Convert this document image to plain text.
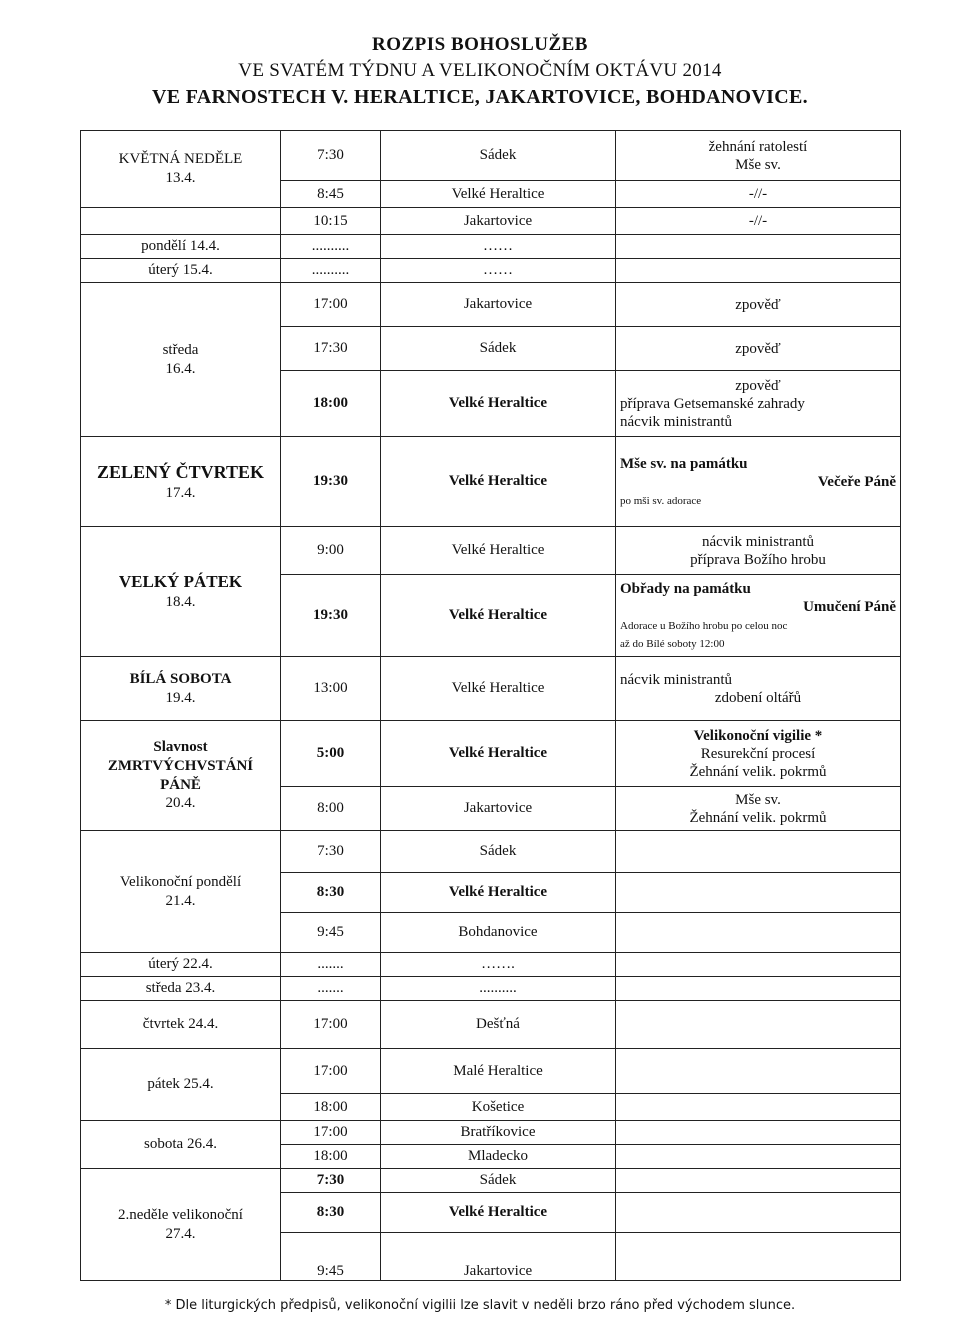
ROZPIS BOHOSLUŽEB
VE SVATÉM TÝDNU A VELIKONOČNÍM OKTÁVU 2014
VE FARNOSTECH V. HERALTICE, JAKARTOVICE, BOHDANOVICE.
KVĚTNÁ NEDĚLE
13.4.	7:30	Sádek	žehnání ratolestí
Mše sv.

	8:45	Velké Heraltice	-//-

	10:15	Jakartovice	-//-

pondělí 14.4.	..........	……	
úterý 15.4.	..........	……	
středa
16.4.	17:00	Jakartovice	zpověď

	17:30	Sádek	zpověď

	18:00	Velké Heraltice	zpověď
příprava Getsemanské zahrady
nácvik ministrantů
ZELENÝ ČTVRTEK
17.4.	19:30	Velké Heraltice	Mše sv. na památku
Večeře Páně
po mši sv. adorace
VELKÝ PÁTEK
18.4.	9:00	Velké Heraltice	nácvik ministrantů
příprava Božího hrobu

	19:30	Velké Heraltice	Obřady na památku
Umučení Páně
Adorace u Božího hrobu po celou noc
až do Bílé soboty 12:00
BÍLÁ SOBOTA
19.4.	13:00	Velké Heraltice	nácvik ministrantů
zdobení oltářů

Slavnost
ZMRTVÝCHVSTÁNÍ
PÁNĚ
20.4.	5:00	Velké Heraltice	Velikonoční vigilie *
Resurekční procesí
Žehnání velik. pokrmů

	8:00	Jakartovice	Mše sv.
Žehnání velik. pokrmů

Velikonoční pondělí
21.4.	7:30	Sádek	
	8:30	Velké Heraltice	
	9:45	Bohdanovice	
úterý 22.4.	.......	…….	
středa 23.4.	.......	..........	
čtvrtek 24.4.	17:00	Dešťná	
pátek 25.4.	17:00	Malé Heraltice	
	18:00	Košetice	
sobota 26.4.	17:00	Bratříkovice	
	18:00	Mladecko	
2.neděle velikonoční
27.4.	7:30	Sádek	
	8:30	Velké Heraltice	
	9:45	Jakartovice	
* Dle liturgických předpisů, velikonoční vigilii lze slavit v neděli brzo ráno před východem slunce.
